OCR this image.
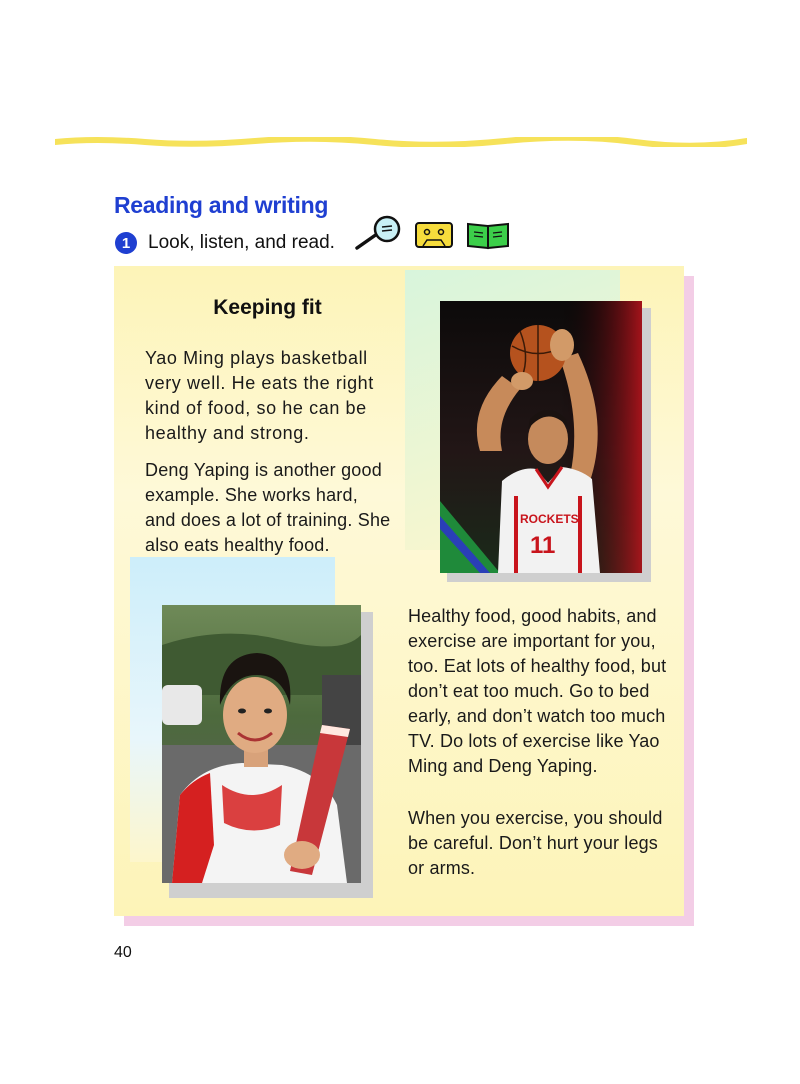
Reading and writing
1 Look, listen, and read.
Keeping fit
Yao Ming plays basketball very well. He eats the right kind of food, so he can be healthy and strong.
Deng Yaping is another good example. She works hard, and does a lot of training. She also eats healthy food.
ROCKETS
11
Healthy food, good habits, and exercise are important for you, too. Eat lots of healthy food, but don’t eat too much. Go to bed early, and don’t watch too much TV. Do lots of exercise like Yao Ming and Deng Yaping.
When you exercise, you should be careful. Don’t hurt your legs or arms.
40
